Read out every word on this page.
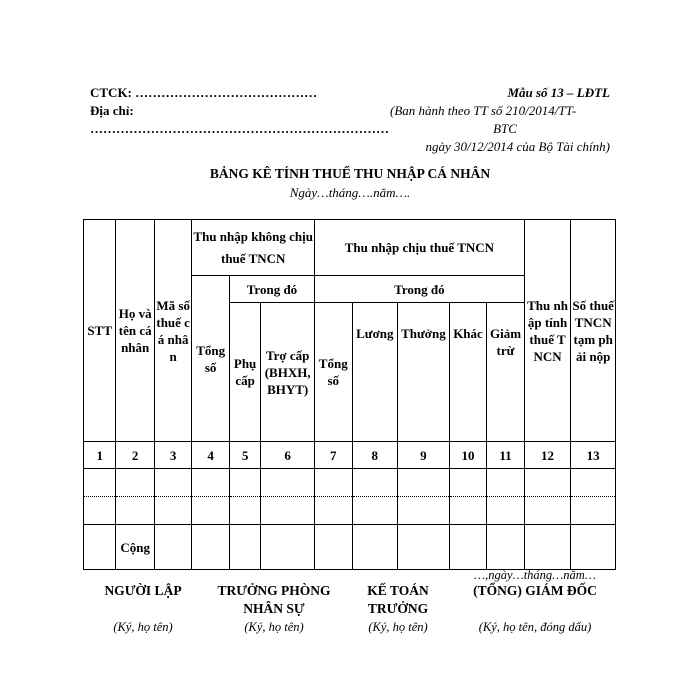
CTCK: ……………………………………
Địa chỉ:
……………………………………………………………
Mẫu số 13 – LĐTL
(Ban hành theo TT số 210/2014/TT-
BTC
ngày 30/12/2014 của Bộ Tài chính)
BẢNG KÊ TÍNH THUẾ THU NHẬP CÁ NHÂN
Ngày…tháng….năm….
STT	Họ và tên cá nhân	Mã số thuế cá nhân	Thu nhập không chịu thuế TNCN			Thu nhập chịu thuế TNCN					Thu nhập tính thuế TNCN	Số thuế TNCN tạm phải nộp
			Tổng số	Trong đó		Trong đó						
				Phụ cấp	Trợ cấp (BHXH, BHYT)	Tổng số	Lương	Thưởng	Khác	Giảm trừ		
1	2	3	4	5	6	7	8	9	10	11	12	13

	Cộng											
…,ngày…tháng…năm…
NGƯỜI LẬP	TRƯỞNG PHÒNG NHÂN SỰ
KẾ TOÁN TRƯỞNG
(TỔNG) GIÁM ĐỐC
(Ký, họ tên)	(Ký, họ tên)	(Ký, họ tên)	(Ký, họ tên, đóng dấu)
